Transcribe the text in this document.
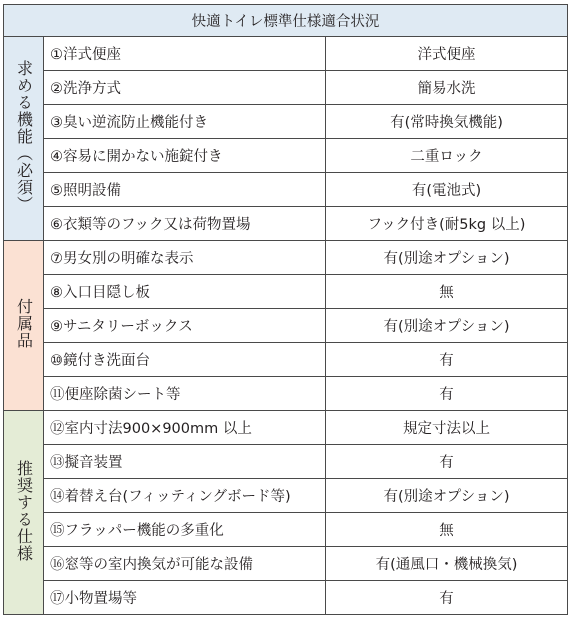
快適トイレ標準仕様適合状況		
求める機能（必須）	①洋式便座	洋式便座
	②洗浄方式	簡易水洗
	③臭い逆流防止機能付き	有(常時換気機能)
	④容易に開かない施錠付き	二重ロック
	⑤照明設備	有(電池式)
	⑥衣類等のフック又は荷物置場	フック付き(耐5kg 以上)
付属品	⑦男女別の明確な表示	有(別途オプション)
	⑧入口目隠し板	無
	⑨サニタリーボックス	有(別途オプション)
	⑩鏡付き洗面台	有
	⑪便座除菌シート等	有
推奨する仕様	⑫室内寸法900×900mm 以上	規定寸法以上
	⑬擬音装置	有
	⑭着替え台(フィッティングボード等)	有(別途オプション)
	⑮フラッパー機能の多重化	無
	⑯窓等の室内換気が可能な設備	有(通風口・機械換気)
	⑰小物置場等	有
